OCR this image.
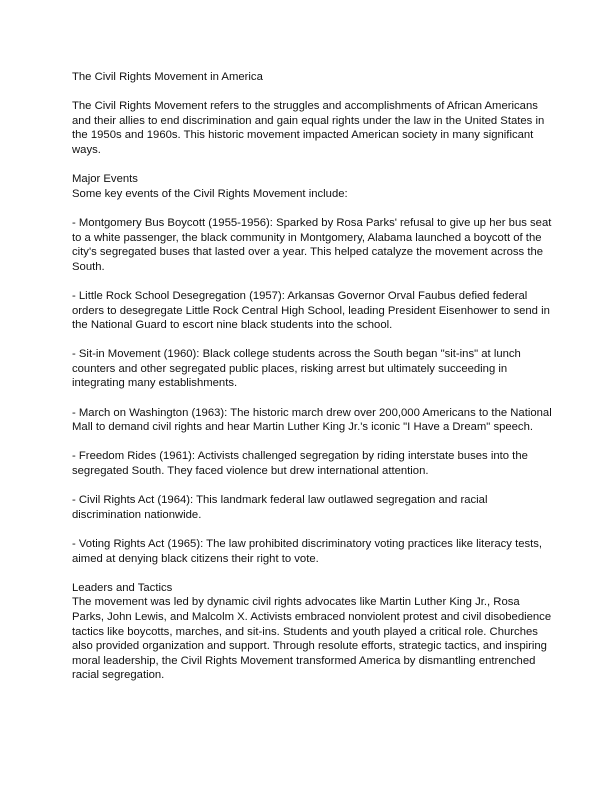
The Civil Rights Movement in America
The Civil Rights Movement refers to the struggles and accomplishments of African Americans
and their allies to end discrimination and gain equal rights under the law in the United States in
the 1950s and 1960s. This historic movement impacted American society in many significant
ways.
Major Events
Some key events of the Civil Rights Movement include:
- Montgomery Bus Boycott (1955-1956): Sparked by Rosa Parks' refusal to give up her bus seat
to a white passenger, the black community in Montgomery, Alabama launched a boycott of the
city's segregated buses that lasted over a year. This helped catalyze the movement across the
South.
- Little Rock School Desegregation (1957): Arkansas Governor Orval Faubus defied federal
orders to desegregate Little Rock Central High School, leading President Eisenhower to send in
the National Guard to escort nine black students into the school.
- Sit-in Movement (1960): Black college students across the South began "sit-ins" at lunch
counters and other segregated public places, risking arrest but ultimately succeeding in
integrating many establishments.
- March on Washington (1963): The historic march drew over 200,000 Americans to the National
Mall to demand civil rights and hear Martin Luther King Jr.'s iconic "I Have a Dream" speech.
- Freedom Rides (1961): Activists challenged segregation by riding interstate buses into the
segregated South. They faced violence but drew international attention.
- Civil Rights Act (1964): This landmark federal law outlawed segregation and racial
discrimination nationwide.
- Voting Rights Act (1965): The law prohibited discriminatory voting practices like literacy tests,
aimed at denying black citizens their right to vote.
Leaders and Tactics
The movement was led by dynamic civil rights advocates like Martin Luther King Jr., Rosa
Parks, John Lewis, and Malcolm X. Activists embraced nonviolent protest and civil disobedience
tactics like boycotts, marches, and sit-ins. Students and youth played a critical role. Churches
also provided organization and support. Through resolute efforts, strategic tactics, and inspiring
moral leadership, the Civil Rights Movement transformed America by dismantling entrenched
racial segregation.
